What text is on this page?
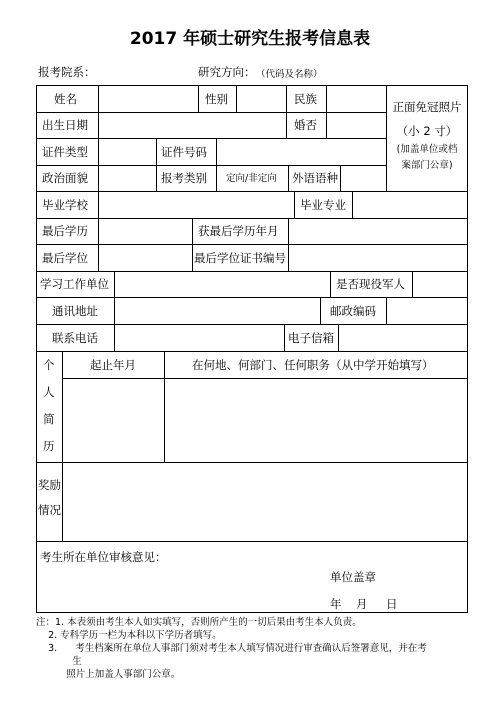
2017 年硕士研究生报考信息表
报考院系：	研究方向： （代码及名称）
姓名	性别	民族
出生日期	婚否
证件类型	证件号码
政治面貌	报考类别 定向/非定向 外语语种
正面免冠照片
（小 2 寸）
(加盖单位或档
案部门公章)
毕业学校	毕业专业
最后学历	获最后学历年月
最后学位	最后学位证书编号
学习工作单位	是否现役军人
通讯地址	邮政编码
联系电话	电子信箱
个
人
简
历
起止年月	在何地、何部门、任何职务（从中学开始填写）
奖励
情况
考生所在单位审核意见：
单位盖章
年 月 日
注：1. 本表须由考生本人如实填写，否则所产生的一切后果由考生本人负责。
2. 专科学历一栏为本科以下学历者填写。
3.      考生档案所在单位人事部门须对考生本人填写情况进行审查确认后签署意见，并在考
生
照片上加盖人事部门公章。
